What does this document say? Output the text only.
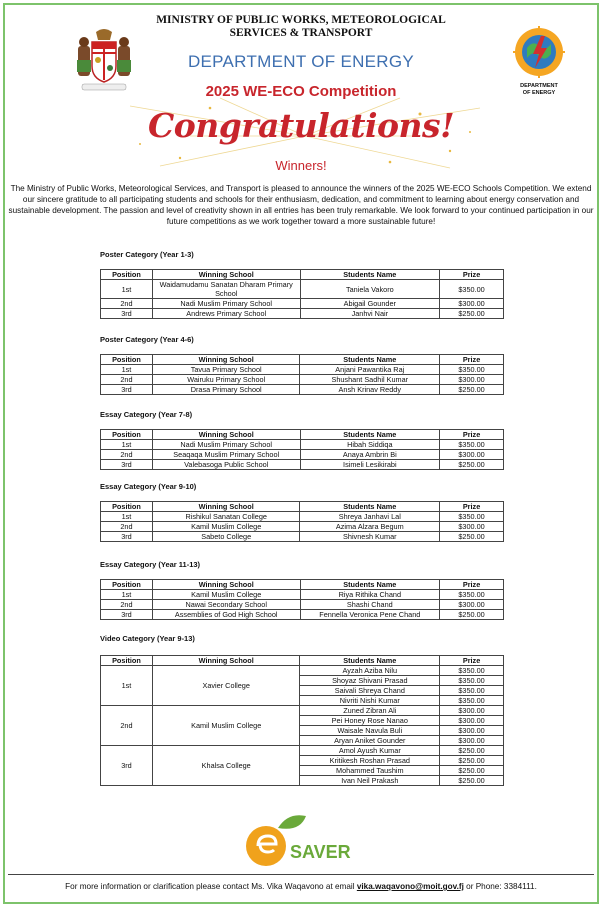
MINISTRY OF PUBLIC WORKS, METEOROLOGICAL
SERVICES & TRANSPORT
DEPARTMENT OF ENERGY
2025 WE-ECO Competition
Congratulations!
Winners!
DEPARTMENT
OF ENERGY
The Ministry of Public Works, Meteorological Services, and Transport is pleased to announce the winners of the 2025 WE-ECO Schools Competition. We extend our sincere gratitude to all participating students and schools for their enthusiasm, dedication, and commitment to learning about energy conservation and sustainable development. The passion and level of creativity shown in all entries has been truly remarkable. We look forward to your continued participation in our future competitions as we work together toward a more sustainable future!
Poster Category (Year 1-3)
Position	Winning School	Students Name	Prize
1st	Waidamudamu Sanatan Dharam Primary School	Taniela Vakoro	$350.00
2nd	Nadi Muslim Primary School	Abigail Gounder	$300.00
3rd	Andrews Primary School	Janhvi Nair	$250.00
Poster Category (Year 4-6)
Position	Winning School	Students Name	Prize
1st	Tavua Primary School	Anjani Pawantika Raj	$350.00
2nd	Wairuku Primary School	Shushant Sadhil Kumar	$300.00
3rd	Drasa Primary School	Ansh Krinav Reddy	$250.00
Essay Category (Year 7-8)
Position	Winning School	Students Name	Prize
1st	Nadi Muslim Primary School	Hibah Siddiqa	$350.00
2nd	Seaqaqa Muslim Primary School	Anaya Ambrin Bi	$300.00
3rd	Valebasoga Public School	Isimeli Lesikirabi	$250.00
Essay Category (Year 9-10)
Position	Winning School	Students Name	Prize
1st	Rishikul Sanatan College	Shreya Janhavi Lal	$350.00
2nd	Kamil Muslim College	Azima Alzara Begum	$300.00
3rd	Sabeto College	Shivnesh Kumar	$250.00
Essay Category (Year 11-13)
Position	Winning School	Students Name	Prize
1st	Kamil Muslim College	Riya Rithika Chand	$350.00
2nd	Nawai Secondary School	Shashi Chand	$300.00
3rd	Assemblies of God High School	Fennella Veronica Pene Chand	$250.00
Video Category (Year 9-13)
Position	Winning School	Students Name	Prize
1st	Xavier College	Ayzah Aziba Nilu	$350.00
		Shoyaz Shivani Prasad	$350.00
		Saivali Shreya Chand	$350.00
		Nivriti Nishi Kumar	$350.00
2nd	Kamil Muslim College	Zuned Zibran Ali	$300.00
		Pei Honey Rose Nanao	$300.00
		Waisale Navula Buli	$300.00
		Aryan Aniket Gounder	$300.00
3rd	Khalsa College	Amol Ayush Kumar	$250.00
		Kritikesh Roshan Prasad	$250.00
		Mohammed Taushim	$250.00
		Ivan Neil Prakash	$250.00
SAVER
For more information or clarification please contact Ms. Vika Waqavono at email vika.waqavono@moit.gov.fj or Phone: 3384111.
